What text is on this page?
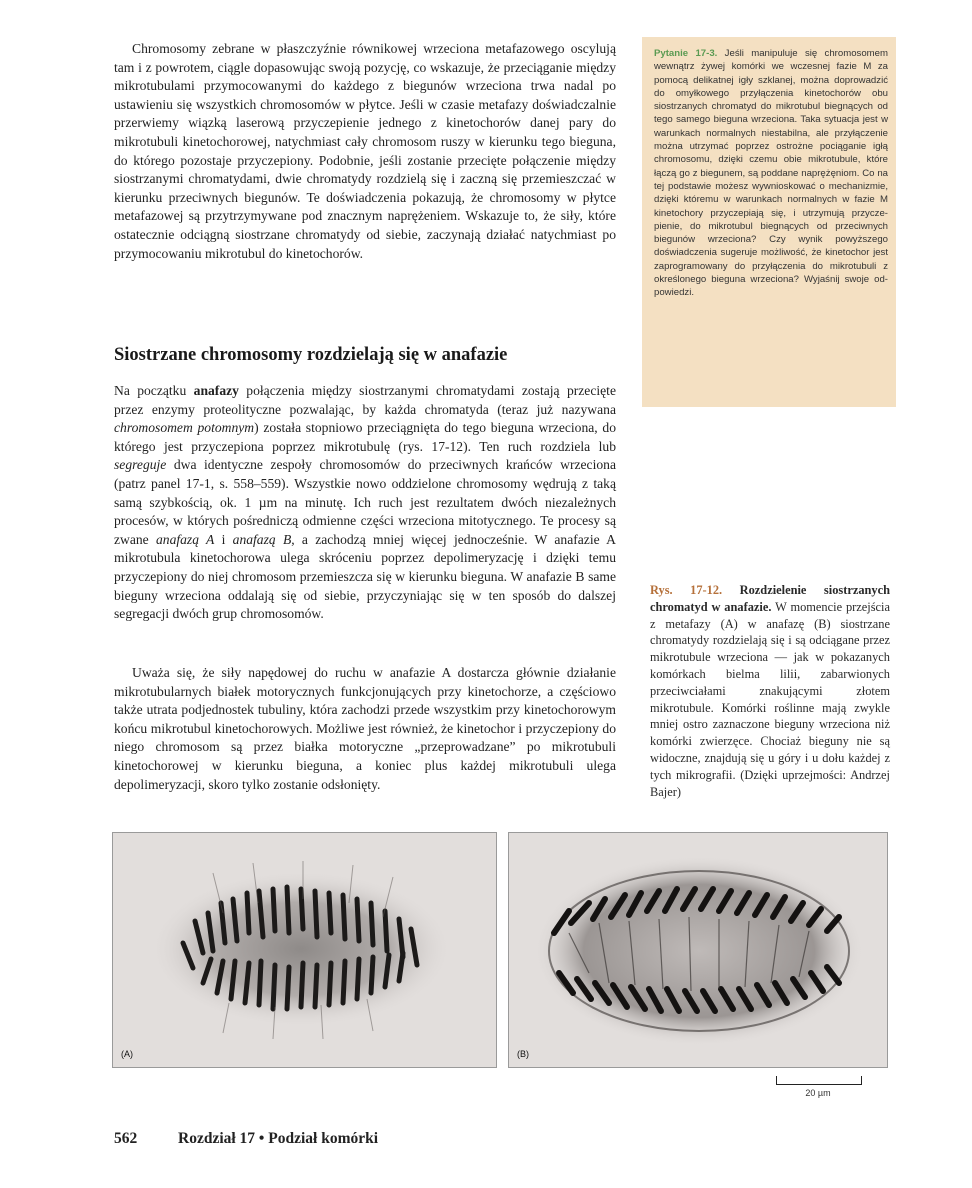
Chromosomy zebrane w płaszczyźnie równikowej wrzeciona metafazowego oscylują tam i z powrotem, ciągle dopasowując swoją pozycję, co wskazuje, że przeciąganie między mikrotubulami przymocowanymi do każdego z biegunów wrzeciona trwa nadal po ustawieniu się wszystkich chromosomów w płytce. Jeśli w czasie metafazy doświadczalnie przerwiemy wiązką laserową przyczepienie jednego z kinetochorów danej pary do mikrotubuli kinetochorowej, natychmiast cały chromosom ruszy w kierunku tego bieguna, do którego pozostaje przyczepiony. Podobnie, jeśli zostanie przecięte połączenie między siostrzanymi chromatydami, dwie chromatydy rozdzielą się i zaczną się przemieszczać w kierunku przeciwnych biegunów. Te doświadczenia pokazują, że chromosomy w płytce metafazowej są przytrzymywane pod znacznym naprężeniem. Wskazuje to, że siły, które ostatecznie odciągną siostrzane chromatydy od siebie, zaczynają działać natychmiast po przymocowaniu mikrotubul do kinetochorów.

Siostrzane chromosomy rozdzielają się w anafazie

Na początku anafazy połączenia między siostrzanymi chromatydami zostają przecięte przez enzymy proteolityczne pozwalając, by każda chromatyda (teraz już nazywana chromosomem potomnym) została stopniowo przeciągnięta do tego bieguna wrzeciona, do którego jest przyczepiona poprzez mikrotubulę (rys. 17-12). Ten ruch rozdziela lub segreguje dwa identyczne zespoły chromosomów do przeciwnych krańców wrzeciona (patrz panel 17-1, s. 558–559). Wszystkie nowo oddzielone chromosomy wędrują z taką samą szybkością, ok. 1 µm na minutę. Ich ruch jest rezultatem dwóch niezależnych procesów, w których pośredniczą odmienne części wrzeciona mitotycznego. Te procesy są zwane anafazą A i anafazą B, a zachodzą mniej więcej jednocześnie. W anafazie A mikrotubula kinetochorowa ulega skróceniu poprzez depolimeryzację i dzięki temu przyczepiony do niej chromosom przemieszcza się w kierunku bieguna. W anafazie B same bieguny wrzeciona oddalają się od siebie, przyczyniając się w ten sposób do dalszej segregacji dwóch grup chromosomów.

Uważa się, że siły napędowej do ruchu w anafazie A dostarcza głównie działanie mikrotubularnych białek motorycznych funkcjonujących przy kinetochorze, a częściowo także utrata podjednostek tubuliny, która zachodzi przede wszystkim przy kinetochorowym końcu mikrotubul kinetochorowych. Możliwe jest również, że kinetochor i przyczepiony do niego chromosom są przez białka motoryczne „przeprowadzane” po mikrotubuli kinetochorowej w kierunku bieguna, a koniec plus każdej mikrotubuli ulega depolimeryzacji, skoro tylko zostanie odsłonięty.

Pytanie 17-3. Jeśli manipuluje się chromosomem wewnątrz żywej komórki we wczesnej fazie M za pomocą delikatnej igły szklanej, można doprowadzić do omyłkowego przyłączenia kinetochorów obu siostrzanych chromatyd do mikrotubul biegnących od tego samego bieguna wrzeciona. Taka sytuacja jest w warunkach normalnych niestabilna, ale przyłączenie można utrzymać poprzez ostrożne pociąganie igłą chromosomu, dzięki czemu obie mikrotubule, które łączą go z biegunem, są poddane naprężęniom. Co na tej podstawie możesz wywnioskować o mechanizmie, dzięki któremu w warunkach normalnych w fazie M kinetochory przyczepiają się, i utrzymują przyczepienie, do mikrotubul biegnących od przeciwnych biegunów wrzeciona? Czy wynik powyższego doświadczenia sugeruje możliwość, że kinetochor jest zaprogramowany do przyłączenia do mikrotubuli z określonego bieguna wrzeciona? Wyjaśnij swoje odpowiedzi.
Rys. 17-12. Rozdzielenie siostrzanych chromatyd w anafazie. W momencie przejścia z metafazy (A) w anafazę (B) siostrzane chromatydy rozdzielają się i są odciągane przez mikrotubule wrzeciona — jak w pokazanych komórkach bielma lilii, zabarwionych przeciwciałami znakującymi złotem mikrotubule. Komórki roślinne mają zwykle mniej ostro zaznaczone bieguny wrzeciona niż komórki zwierzęce. Chociaż bieguny nie są widoczne, znajdują się u góry i u dołu każdej z tych mikrografii. (Dzięki uprzejmości: Andrzej Bajer)
(A)	(B)
20 µm
562	Rozdział 17 • Podział komórki
